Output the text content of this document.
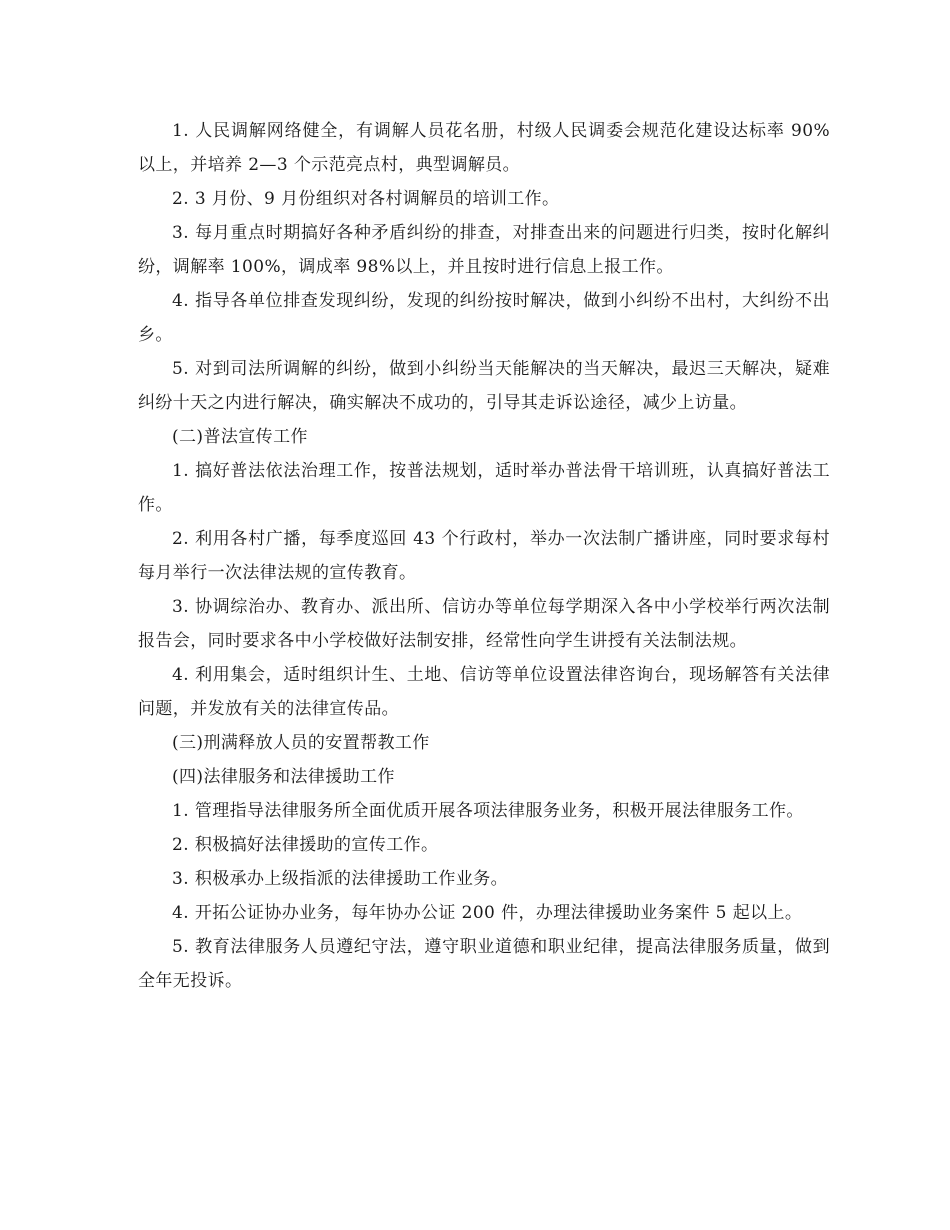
1. 人民调解网络健全，有调解人员花名册，村级人民调委会规范化建设达标率 90%以上，并培养 2—3 个示范亮点村，典型调解员。

2. 3 月份、9 月份组织对各村调解员的培训工作。

3. 每月重点时期搞好各种矛盾纠纷的排查，对排查出来的问题进行归类，按时化解纠纷，调解率 100%，调成率 98%以上，并且按时进行信息上报工作。

4. 指导各单位排查发现纠纷，发现的纠纷按时解决，做到小纠纷不出村，大纠纷不出乡。

5. 对到司法所调解的纠纷，做到小纠纷当天能解决的当天解决，最迟三天解决，疑难纠纷十天之内进行解决，确实解决不成功的，引导其走诉讼途径，减少上访量。

(二)普法宣传工作

1. 搞好普法依法治理工作，按普法规划，适时举办普法骨干培训班，认真搞好普法工作。

2. 利用各村广播，每季度巡回 43 个行政村，举办一次法制广播讲座，同时要求每村每月举行一次法律法规的宣传教育。

3. 协调综治办、教育办、派出所、信访办等单位每学期深入各中小学校举行两次法制报告会，同时要求各中小学校做好法制安排，经常性向学生讲授有关法制法规。

4. 利用集会，适时组织计生、土地、信访等单位设置法律咨询台，现场解答有关法律问题，并发放有关的法律宣传品。

(三)刑满释放人员的安置帮教工作

(四)法律服务和法律援助工作

1. 管理指导法律服务所全面优质开展各项法律服务业务，积极开展法律服务工作。

2. 积极搞好法律援助的宣传工作。

3. 积极承办上级指派的法律援助工作业务。

4. 开拓公证协办业务，每年协办公证 200 件，办理法律援助业务案件 5 起以上。

5. 教育法律服务人员遵纪守法，遵守职业道德和职业纪律，提高法律服务质量，做到全年无投诉。
